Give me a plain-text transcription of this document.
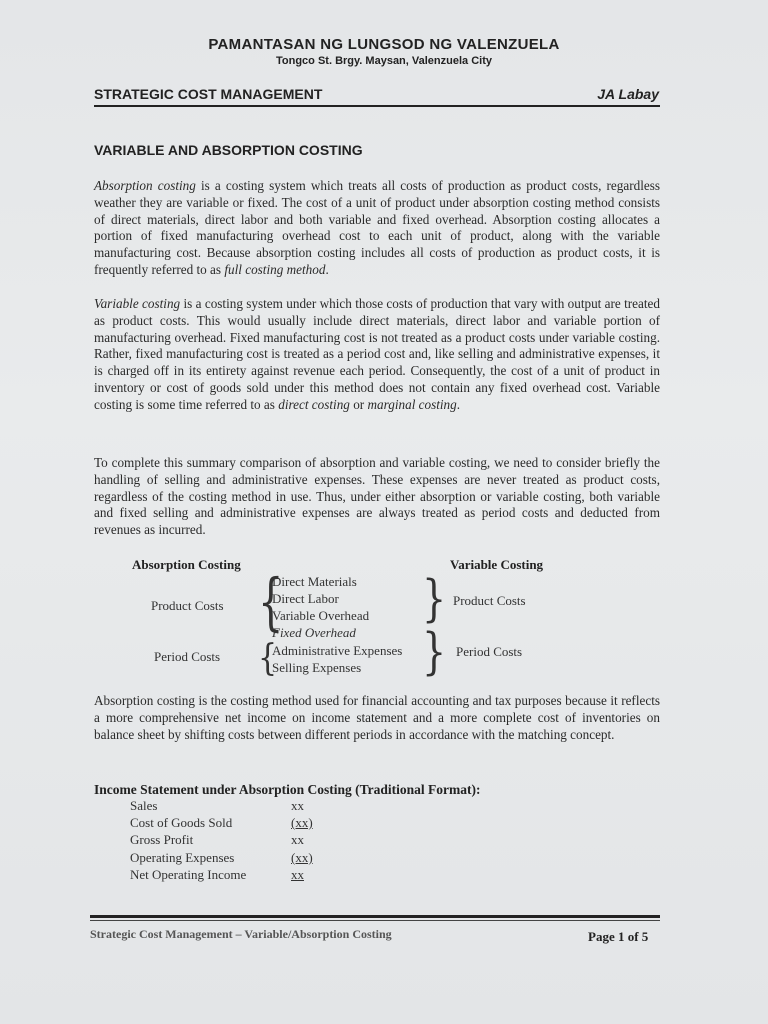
PAMANTASAN NG LUNGSOD NG VALENZUELA
Tongco St. Brgy. Maysan, Valenzuela City
STRATEGIC COST MANAGEMENT	JA Labay
VARIABLE AND ABSORPTION COSTING
Absorption costing is a costing system which treats all costs of production as product costs, regardless weather they are variable or fixed. The cost of a unit of product under absorption costing method consists of direct materials, direct labor and both variable and fixed overhead. Absorption costing allocates a portion of fixed manufacturing overhead cost to each unit of product, along with the variable manufacturing cost. Because absorption costing includes all costs of production as product costs, it is frequently referred to as full costing method.
Variable costing is a costing system under which those costs of production that vary with output are treated as product costs. This would usually include direct materials, direct labor and variable portion of manufacturing overhead. Fixed manufacturing cost is not treated as a product costs under variable costing. Rather, fixed manufacturing cost is treated as a period cost and, like selling and administrative expenses, it is charged off in its entirety against revenue each period. Consequently, the cost of a unit of product in inventory or cost of goods sold under this method does not contain any fixed overhead cost. Variable costing is some time referred to as direct costing or marginal costing.
To complete this summary comparison of absorption and variable costing, we need to consider briefly the handling of selling and administrative expenses. These expenses are never treated as product costs, regardless of the costing method in use. Thus, under either absorption or variable costing, both variable and fixed selling and administrative expenses are always treated as period costs and deducted from revenues as incurred.
Absorption Costing	Variable Costing
Product Costs
Period Costs
Product Costs
Period Costs
{
{
}
}
Direct Materials
Direct Labor
Variable Overhead
Fixed Overhead
Administrative Expenses
Selling Expenses
Absorption costing is the costing method used for financial accounting and tax purposes because it reflects a more comprehensive net income on income statement and a more complete cost of inventories on balance sheet by shifting costs between different periods in accordance with the matching concept.
Income Statement under Absorption Costing (Traditional Format):
Sales	xx
Cost of Goods Sold	(xx)
Gross Profit	xx
Operating Expenses	(xx)
Net Operating Income	xx
Strategic Cost Management – Variable/Absorption Costing	Page 1 of 5
